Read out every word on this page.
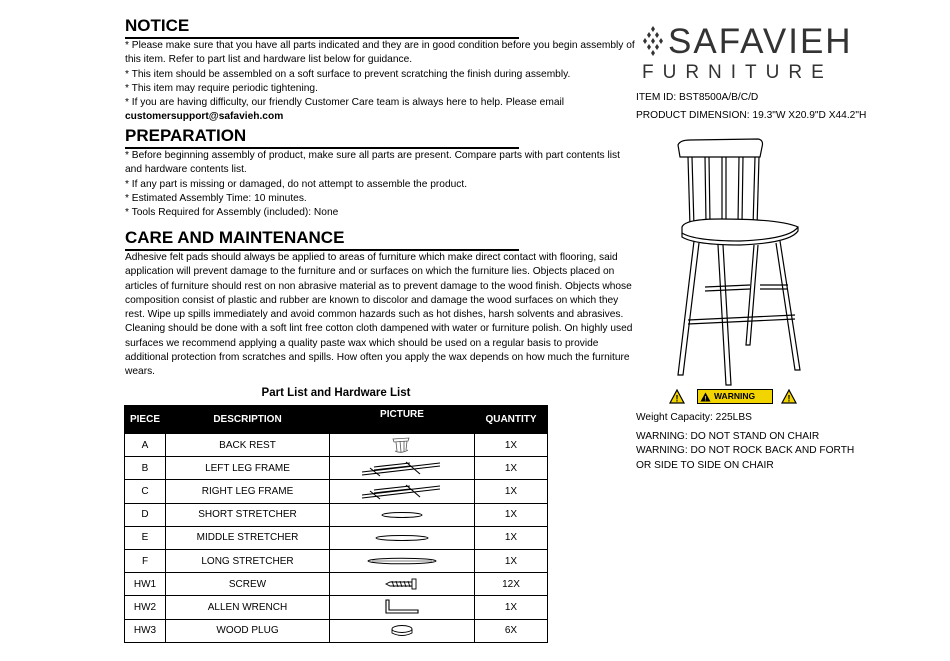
NOTICE

* Please make sure that you have all parts indicated and they are in good condition before you begin assembly of this item. Refer to part list and hardware list below for guidance.

* This item should be assembled on a soft surface to prevent scratching the finish during assembly.

* This item may require periodic tightening.

* If you are having difficulty, our friendly Customer Care team is always here to help. Please email

customersupport@safavieh.com

PREPARATION

* Before beginning assembly of product, make sure all parts are present. Compare parts with part contents list and hardware contents list.

* If any part is missing or damaged, do not attempt to assemble the product.

* Estimated Assembly Time: 10 minutes.

* Tools Required for Assembly (included): None

CARE AND MAINTENANCE

Adhesive felt pads should always be applied to areas of furniture which make direct contact with flooring, said application will prevent damage to the furniture and or surfaces on which the furniture lies. Objects placed on articles of furniture should rest on non abrasive material as to prevent damage to the wood finish. Objects whose composition consist of plastic and rubber are known to discolor and damage the wood surfaces on which they rest. Wipe up spills immediately and avoid common hazards such as hot dishes, harsh solvents and abrasives. Cleaning should be done with a soft lint free cotton cloth dampened with water or furniture polish. On highly used surfaces we recommend applying a quality paste wax which should be used on a regular basis to provide additional protection from scratches and spills. How often you apply the wax depends on how much the furniture wears.

SAFAVIEH
FURNITURE
ITEM ID: BST8500A/B/C/D
PRODUCT DIMENSION: 19.3"W X20.9"D X44.2"H
!	! WARNING	!
Weight Capacity: 225LBS
WARNING: DO NOT STAND ON CHAIR
WARNING: DO NOT ROCK BACK AND FORTH OR SIDE TO SIDE ON CHAIR
Part List and Hardware List
PIECE	DESCRIPTION	PICTURE	QUANTITY
A	BACK REST		1X
B	LEFT LEG FRAME		1X
C	RIGHT LEG FRAME		1X
D	SHORT STRETCHER		1X
E	MIDDLE STRETCHER		1X
F	LONG STRETCHER		1X
HW1	SCREW		12X
HW2	ALLEN WRENCH		1X
HW3	WOOD PLUG		6X
